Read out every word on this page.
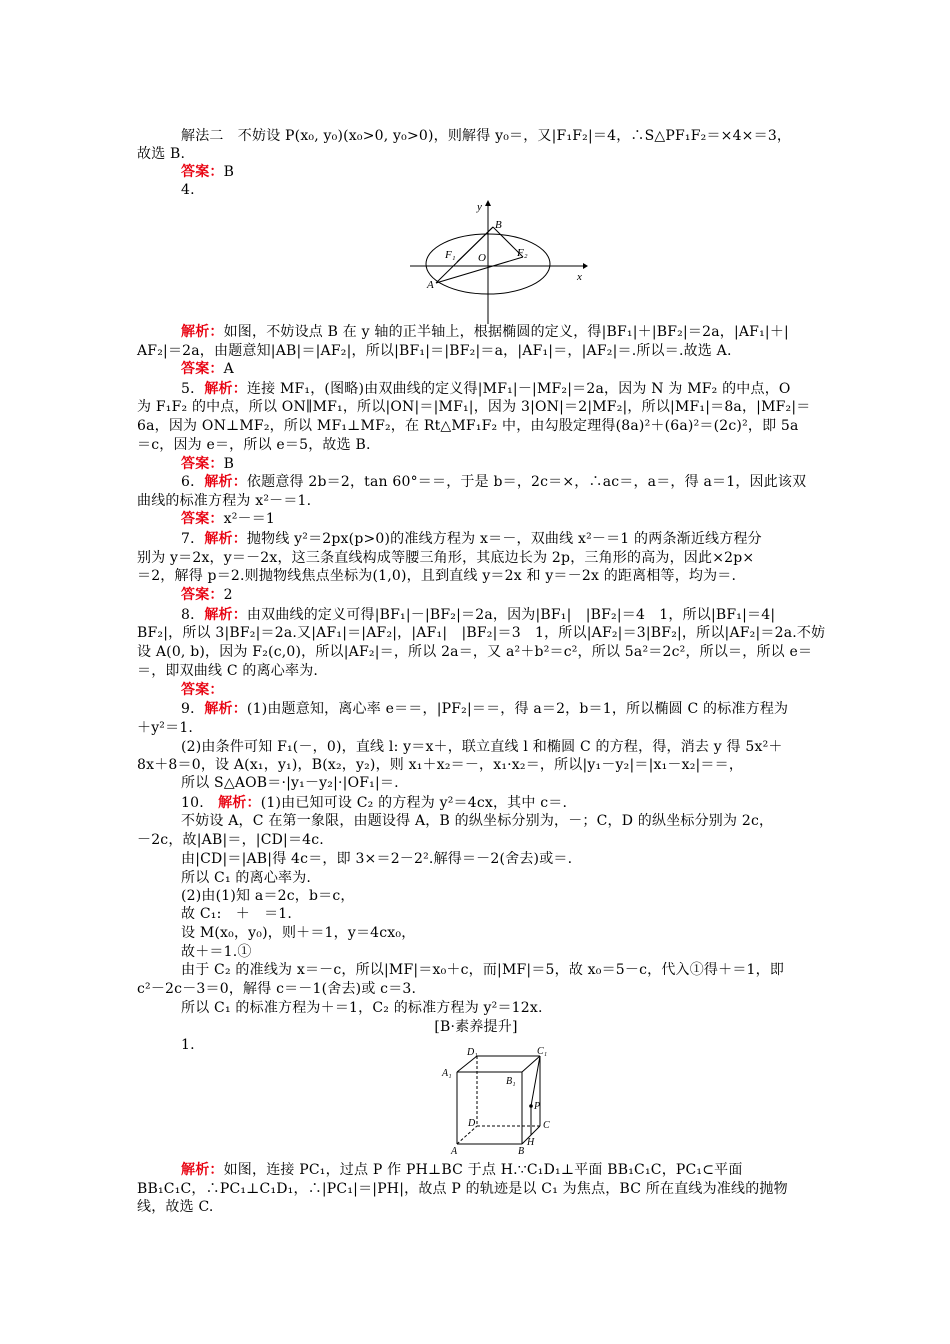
解法二　不妨设 P(x₀, y₀)(x₀>0, y₀>0)，则解得 y₀＝，又|F₁F₂|＝4，∴S△PF₁F₂＝×4×＝3，
故选 B.
答案：B
4.
解析：如图，不妨设点 B 在 y 轴的正半轴上，根据椭圆的定义，得|BF₁|＋|BF₂|＝2a，|AF₁|＋|
AF₂|＝2a，由题意知|AB|＝|AF₂|，所以|BF₁|＝|BF₂|＝a，|AF₁|＝，|AF₂|＝.所以＝.故选 A.
答案：A
5．解析：连接 MF₁，(图略)由双曲线的定义得|MF₁|－|MF₂|＝2a，因为 N 为 MF₂ 的中点，O
为 F₁F₂ 的中点，所以 ON∥MF₁，所以|ON|＝|MF₁|，因为 3|ON|＝2|MF₂|，所以|MF₁|＝8a，|MF₂|＝
6a，因为 ON⊥MF₂，所以 MF₁⊥MF₂，在 Rt△MF₁F₂ 中，由勾股定理得(8a)²＋(6a)²＝(2c)²，即 5a
＝c，因为 e＝，所以 e＝5，故选 B.
答案：B
6．解析：依题意得 2b＝2，tan 60°＝＝，于是 b＝，2c＝×，∴ac＝，a＝，得 a＝1，因此该双
曲线的标准方程为 x²－＝1.
答案：x²－＝1
7．解析：抛物线 y²＝2px(p>0)的准线方程为 x＝－，双曲线 x²－＝1 的两条渐近线方程分
别为 y＝2x，y＝－2x，这三条直线构成等腰三角形，其底边长为 2p，三角形的高为，因此×2p×
＝2，解得 p＝2.则抛物线焦点坐标为(1,0)，且到直线 y＝2x 和 y＝－2x 的距离相等，均为＝.
答案：2
8．解析：由双曲线的定义可得|BF₁|－|BF₂|＝2a，因为|BF₁|　|BF₂|＝4　1，所以|BF₁|＝4|
BF₂|，所以 3|BF₂|＝2a.又|AF₁|＝|AF₂|，|AF₁|　|BF₂|＝3　1，所以|AF₂|＝3|BF₂|，所以|AF₂|＝2a.不妨
设 A(0, b)，因为 F₂(c,0)，所以|AF₂|＝，所以 2a＝，又 a²＋b²＝c²，所以 5a²＝2c²，所以＝，所以 e＝
＝，即双曲线 C 的离心率为.
答案：
9．解析：(1)由题意知，离心率 e＝＝，|PF₂|＝＝，得 a＝2，b＝1，所以椭圆 C 的标准方程为
＋y²＝1.
(2)由条件可知 F₁(－，0)，直线 l: y＝x＋，联立直线 l 和椭圆 C 的方程，得，消去 y 得 5x²＋
8x＋8＝0，设 A(x₁，y₁)，B(x₂，y₂)，则 x₁＋x₂＝－，x₁·x₂＝，所以|y₁－y₂|＝|x₁－x₂|＝＝，
所以 S△AOB＝·|y₁－y₂|·|OF₁|＝.
10.　解析：(1)由已知可设 C₂ 的方程为 y²＝4cx，其中 c＝.
不妨设 A，C 在第一象限，由题设得 A，B 的纵坐标分别为，－；C，D 的纵坐标分别为 2c，
－2c，故|AB|＝，|CD|＝4c.
由|CD|＝|AB|得 4c＝，即 3×＝2－2².解得＝－2(舍去)或＝.
所以 C₁ 的离心率为.
(2)由(1)知 a＝2c，b＝c，
故 C₁:　＋　＝1.
设 M(x₀，y₀)，则＋＝1，y＝4cx₀，
故＋＝1.①
由于 C₂ 的准线为 x＝－c，所以|MF|＝x₀＋c，而|MF|＝5，故 x₀＝5－c，代入①得＋＝1，即
c²－2c－3＝0，解得 c＝－1(舍去)或 c＝3.
所以 C₁ 的标准方程为＋＝1，C₂ 的标准方程为 y²＝12x.
[B·素养提升]
1.
解析：如图，连接 PC₁，过点 P 作 PH⊥BC 于点 H.∵C₁D₁⊥平面 BB₁C₁C，PC₁⊂平面
BB₁C₁C，∴PC₁⊥C₁D₁，∴|PC₁|＝|PH|，故点 P 的轨迹是以 C₁ 为焦点，BC 所在直线为准线的抛物
线，故选 C.
y
x
B
O
F₁	F₂
A
D₁	C₁
A₁
B₁
P
D	C
H
A	B
